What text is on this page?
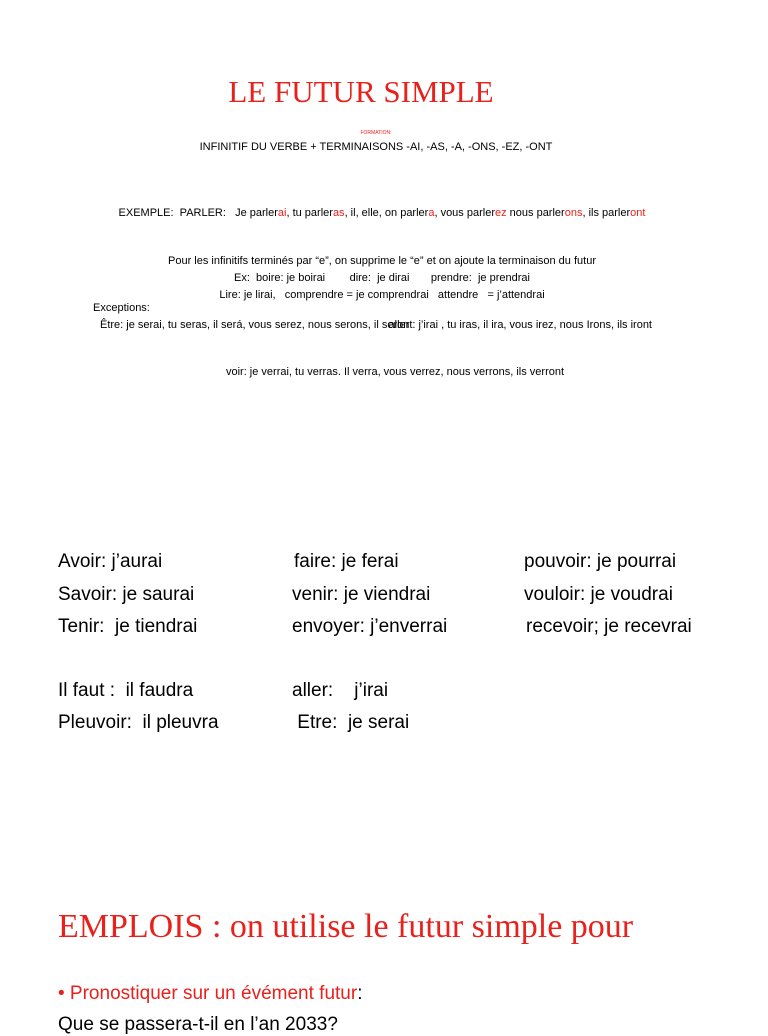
LE FUTUR SIMPLE
FORMATION:
INFINITIF DU VERBE + TERMINAISONS -AI, -AS, -A, -ONS, -EZ, -ONT
EXEMPLE:  PARLER:   Je parlerai, tu parleras, il, elle, on parlera, vous parlerez nous parlerons, ils parleront
Pour les infinitifs terminés par “e”, on supprime le “e” et on ajoute la terminaison du futur
Ex:  boire: je boirai        dire:  je dirai       prendre:  je prendrai
Lire: je lirai,   comprendre = je comprendrai   attendre   = j’attendrai
Exceptions:
Être: je serai, tu seras, il será, vous serez, nous serons, il seront
aller : j’irai , tu iras, il ira, vous irez, nous Irons, ils iront
voir: je verrai, tu verras. Il verra, vous verrez, nous verrons, ils verront
Avoir: j’aurai	faire: je ferai	pouvoir: je pourrai
Savoir: je saurai	venir: je viendrai	vouloir: je voudrai
Tenir:  je tiendrai	envoyer: j’enverrai	recevoir; je recevrai
Il faut :  il faudra	aller:    j’irai
Pleuvoir:  il pleuvra	Etre:  je serai
EMPLOIS : on utilise le futur simple pour
• Pronostiquer sur un évément futur:
Que se passera-t-il en l’an 2033?
